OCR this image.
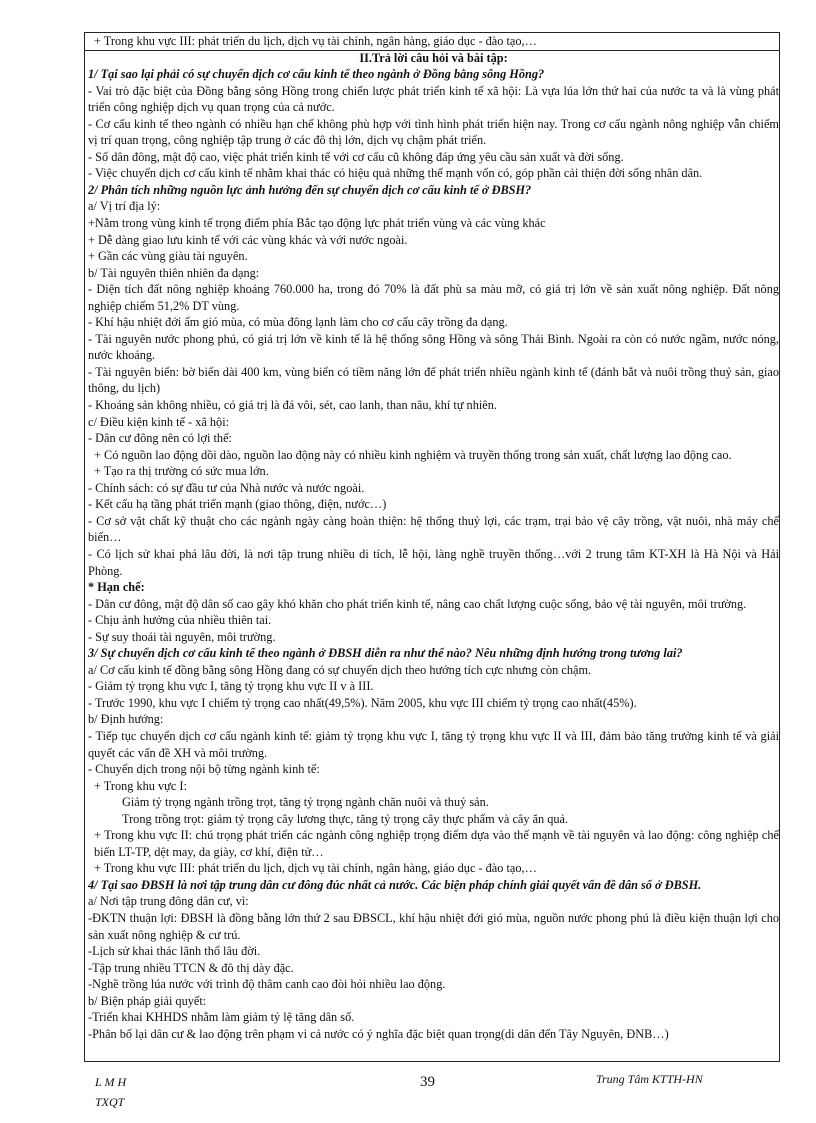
+ Trong khu vực III: phát triển du lịch, dịch vụ tài chính, ngân hàng, giáo dục - đào tạo,…

II.Trả lời câu hỏi và bài tập:

1/ Tại sao lại phải có sự chuyển dịch cơ cấu kinh tế theo ngành ở Đồng bằng sông Hồng?

- Vai trò đặc biệt của Đồng bằng sông Hồng trong chiến lược phát triển kinh tế xã hội: Là vựa lúa lớn thứ hai của nước ta và là vùng phát triển công nghiệp dịch vụ quan trọng của cả nước.

- Cơ cấu kinh tế theo ngành có nhiều hạn chế không phù hợp với tình hình phát triển hiện nay. Trong cơ cấu ngành nông nghiệp vẫn chiếm vị trí quan trọng, công nghiệp tập trung ở các đô thị lớn, dịch vụ chậm phát triển.

- Số dân đông, mật độ cao, việc phát triển kinh tế với cơ cấu cũ không đáp ứng yêu cầu sản xuất và đời sống.

- Việc chuyển dịch cơ cấu kinh tế nhằm khai thác có hiệu quả những thế mạnh vốn có, góp phần cải thiện đời sống nhân dân.

2/ Phân tích những nguồn lực ảnh hưởng đến sự chuyển dịch cơ cấu kinh tế ở ĐBSH?

a/ Vị trí địa lý:

+Nằm trong vùng kinh tế trọng điểm phía Bắc tạo động lực phát triển vùng và các vùng khác

+ Dễ dàng giao lưu kinh tế với các vùng khác và với nước ngoài.

+ Gần các vùng giàu tài nguyên.

b/ Tài nguyên thiên nhiên đa dạng:

- Diện tích đất nông nghiệp khoảng 760.000 ha, trong đó 70% là đất phù sa màu mỡ, có giá trị lớn về sản xuất nông nghiệp. Đất nông nghiệp chiếm 51,2% DT vùng.

- Khí hậu nhiệt đới ẩm gió mùa, có mùa đông lạnh làm cho cơ cấu cây trồng đa dạng.

- Tài nguyên nước phong phú, có giá trị lớn về kinh tế là hệ thống sông Hồng và sông Thái Bình. Ngoài ra còn có nước ngầm, nước nóng, nước khoáng.

- Tài nguyên biển: bờ biển dài 400 km, vùng biển có tiềm năng lớn để phát triển nhiều ngành kinh tế (đánh bắt và nuôi trồng thuỷ sản, giao thông, du lịch)

- Khoáng sản không nhiều, có giá trị là đá vôi, sét, cao lanh, than nâu, khí tự nhiên.

c/ Điều kiện kinh tế - xã hội:

- Dân cư đông nên có lợi thế:

+ Có nguồn lao động dồi dào, nguồn lao động này có nhiều kinh nghiệm và truyền thống trong sản xuất, chất lượng lao động cao.

+ Tạo ra thị trường có sức mua lớn.

- Chính sách: có sự đầu tư của Nhà nước và nước ngoài.

- Kết cấu hạ tầng phát triển mạnh (giao thông, điện, nước…)

- Cơ sở vật chất kỹ thuật cho các ngành ngày càng hoàn thiện: hệ thống thuỷ lợi, các trạm, trại bảo vệ cây trồng, vật nuôi, nhà máy chế biến…

- Có lịch sử khai phá lâu đời, là nơi tập trung nhiều di tích, lễ hội, làng nghề truyền thống…với 2 trung tâm KT-XH là Hà Nội và Hải Phòng.

* Hạn chế:

- Dân cư đông, mật độ dân số cao gây khó khăn cho phát triển kinh tế, nâng cao chất lượng cuộc sống, bảo vệ tài nguyên, môi trường.

- Chịu ảnh hưởng của nhiều thiên tai.

- Sự suy thoái tài nguyên, môi trường.

3/ Sự chuyển dịch cơ cấu kinh tế theo ngành ở ĐBSH diễn ra như thế nào? Nêu những định hướng trong tương lai?

a/ Cơ cấu kinh tế đồng bằng sông Hồng đang có sự chuyển dịch theo hướng tích cực nhưng còn chậm.

- Giảm tỷ trọng khu vực I, tăng tỷ trọng khu vực II v à III.

- Trước 1990, khu vực I chiếm tỷ trọng cao nhất(49,5%). Năm 2005, khu vực III chiếm tỷ trọng cao nhất(45%).

b/ Định hướng:

- Tiếp tục chuyển dịch cơ cấu ngành kinh tế: giảm tỷ trọng khu vực I, tăng tỷ trọng khu vực II và III, đảm bảo tăng trưởng kinh tế và giải quyết các vấn đề XH và môi trường.

- Chuyển dịch trong nội bộ từng ngành kinh tế:

+ Trong khu vực I:

Giảm tỷ trọng ngành trồng trọt, tăng tỷ trọng ngành chăn nuôi và thuỷ sản.

Trong trồng trọt: giảm tỷ trọng cây lương thực, tăng tỷ trọng cây thực phẩm và cây ăn quả.

+ Trong khu vực II: chú trọng phát triển các ngành công nghiệp trọng điểm dựa vào thế mạnh về tài nguyên và lao động: công nghiệp chế biến LT-TP, dệt may, da giày, cơ khí, điện tử…

+ Trong khu vực III: phát triển du lịch, dịch vụ tài chính, ngân hàng, giáo dục - đào tạo,…

4/ Tại sao ĐBSH là nơi tập trung dân cư đông đúc nhất cả nước. Các biện pháp chính giải quyết vấn đề dân số ở ĐBSH.

a/ Nơi tập trung đông dân cư, vì:

-ĐKTN thuận lợi: ĐBSH là đồng bằng lớn thứ 2 sau ĐBSCL, khí hậu nhiệt đới gió mùa, nguồn nước phong phú là điều kiện thuận lợi cho sản xuất nông nghiệp & cư trú.

-Lịch sử khai thác lãnh thổ lâu đời.

-Tập trung nhiều TTCN & đô thị dày đặc.

-Nghề trồng lúa nước với trình độ thâm canh cao đòi hỏi nhiều lao động.

b/ Biện pháp giải quyết:

-Triển khai KHHDS nhằm làm giảm tỷ lệ tăng dân số.

-Phân bố lại dân cư & lao động trên phạm vi cả nước có ý nghĩa đặc biệt quan trọng(di dân đến Tây Nguyên, ĐNB…)

L M H
TXQT
39	Trung Tâm KTTH-HN
